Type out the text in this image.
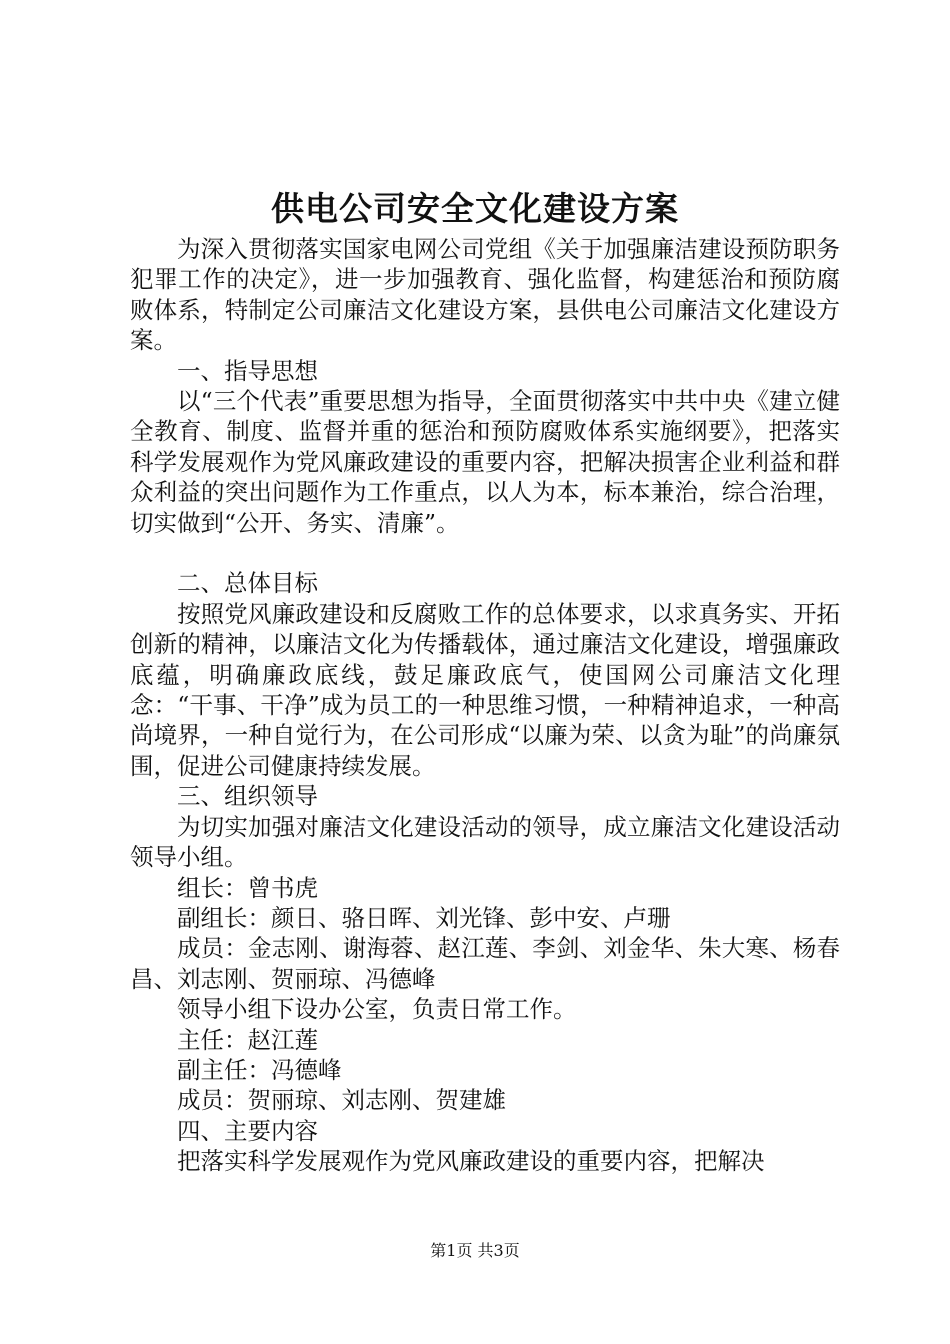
供电公司安全文化建设方案

为深入贯彻落实国家电网公司党组《关于加强廉洁建设预防职务犯罪工作的决定》，进一步加强教育、强化监督，构建惩治和预防腐败体系，特制定公司廉洁文化建设方案，县供电公司廉洁文化建设方案。

一、指导思想

以“三个代表”重要思想为指导，全面贯彻落实中共中央《建立健全教育、制度、监督并重的惩治和预防腐败体系实施纲要》，把落实科学发展观作为党风廉政建设的重要内容，把解决损害企业利益和群众利益的突出问题作为工作重点，以人为本，标本兼治，综合治理，切实做到“公开、务实、清廉”。

二、总体目标

按照党风廉政建设和反腐败工作的总体要求，以求真务实、开拓创新的精神，以廉洁文化为传播载体，通过廉洁文化建设，增强廉政底蕴，明确廉政底线，鼓足廉政底气，使国网公司廉洁文化理念：“干事、干净”成为员工的一种思维习惯，一种精神追求，一种高尚境界，一种自觉行为，在公司形成“以廉为荣、以贪为耻”的尚廉氛围，促进公司健康持续发展。

三、组织领导

为切实加强对廉洁文化建设活动的领导，成立廉洁文化建设活动领导小组。

组长：曾书虎

副组长：颜日、骆日晖、刘光锋、彭中安、卢珊

成员：金志刚、谢海蓉、赵江莲、李剑、刘金华、朱大寒、杨春昌、刘志刚、贺丽琼、冯德峰

领导小组下设办公室，负责日常工作。

主任：赵江莲

副主任：冯德峰

成员：贺丽琼、刘志刚、贺建雄

四、主要内容

把落实科学发展观作为党风廉政建设的重要内容，把解决

第1页 共3页
